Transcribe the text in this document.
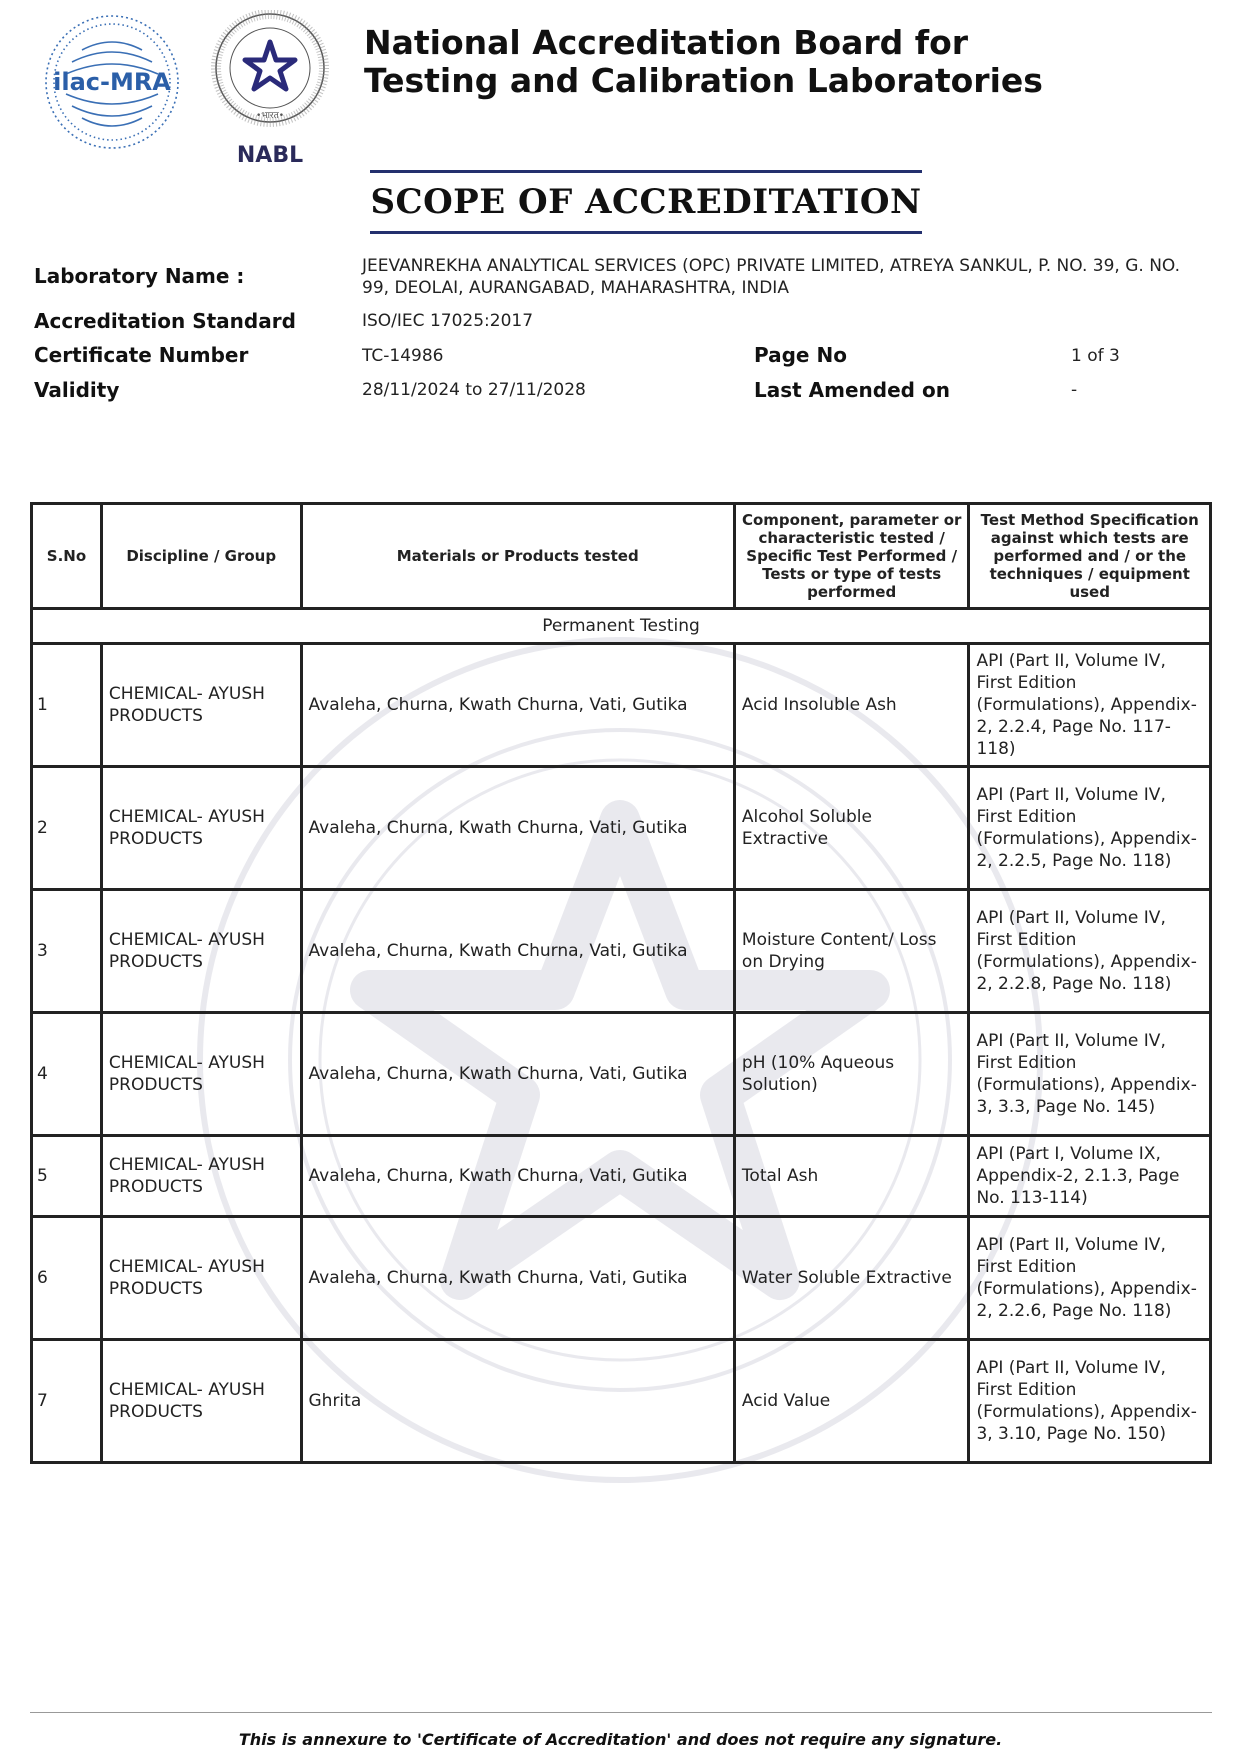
ilac-MRA
•भारत•
NABL
National Accreditation Board for
Testing and Calibration Laboratories
SCOPE OF ACCREDITATION
Laboratory Name :	JEEVANREKHA ANALYTICAL SERVICES (OPC) PRIVATE LIMITED, ATREYA SANKUL, P. NO. 39, G. NO.
99, DEOLAI, AURANGABAD, MAHARASHTRA, INDIA
Accreditation Standard	ISO/IEC 17025:2017
Certificate Number	TC-14986	Page No	1 of 3
Validity	28/11/2024 to 27/11/2028	Last Amended on	-
S.No	Discipline / Group	Materials or Products tested	Component, parameter or characteristic tested / Specific Test Performed / Tests or type of tests performed	Test Method Specification against which tests are performed and / or the techniques / equipment used
Permanent Testing				
1	CHEMICAL- AYUSH PRODUCTS	Avaleha, Churna, Kwath Churna, Vati, Gutika	Acid Insoluble Ash	API (Part II, Volume IV, First Edition (Formulations), Appendix-2, 2.2.4, Page No. 117-118)
2	CHEMICAL- AYUSH PRODUCTS	Avaleha, Churna, Kwath Churna, Vati, Gutika	Alcohol Soluble Extractive	API (Part II, Volume IV, First Edition (Formulations), Appendix-2, 2.2.5, Page No. 118)
3	CHEMICAL- AYUSH PRODUCTS	Avaleha, Churna, Kwath Churna, Vati, Gutika	Moisture Content/ Loss on Drying	API (Part II, Volume IV, First Edition (Formulations), Appendix-2, 2.2.8, Page No. 118)
4	CHEMICAL- AYUSH PRODUCTS	Avaleha, Churna, Kwath Churna, Vati, Gutika	pH (10% Aqueous Solution)	API (Part II, Volume IV, First Edition (Formulations), Appendix-3, 3.3, Page No. 145)
5	CHEMICAL- AYUSH PRODUCTS	Avaleha, Churna, Kwath Churna, Vati, Gutika	Total Ash	API (Part I, Volume IX, Appendix-2, 2.1.3, Page No. 113-114)
6	CHEMICAL- AYUSH PRODUCTS	Avaleha, Churna, Kwath Churna, Vati, Gutika	Water Soluble Extractive	API (Part II, Volume IV, First Edition (Formulations), Appendix-2, 2.2.6, Page No. 118)
7	CHEMICAL- AYUSH PRODUCTS	Ghrita	Acid Value	API (Part II, Volume IV, First Edition (Formulations), Appendix-3, 3.10, Page No. 150)
This is annexure to 'Certificate of Accreditation' and does not require any signature.
